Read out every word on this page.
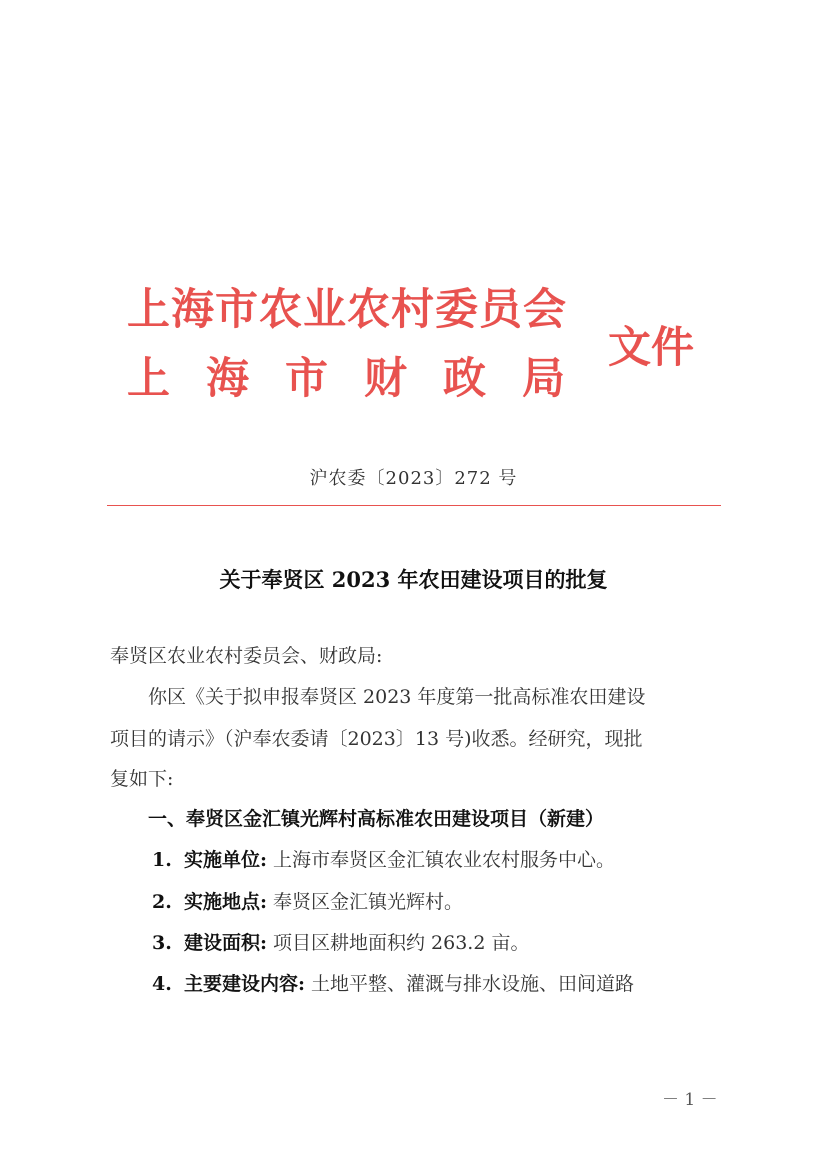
上海市农业农村委员会
上海市财政局
文件
沪农委〔2023〕272 号
关于奉贤区 2023 年农田建设项目的批复
奉贤区农业农村委员会、财政局:
你区《关于拟申报奉贤区 2023 年度第一批高标准农田建设
项目的请示》（沪奉农委请〔2023〕13 号)收悉。经研究，现批
复如下:
一、奉贤区金汇镇光辉村高标准农田建设项目（新建）
1. 实施单位: 上海市奉贤区金汇镇农业农村服务中心。
2. 实施地点: 奉贤区金汇镇光辉村。
3. 建设面积: 项目区耕地面积约 263.2 亩。
4. 主要建设内容: 土地平整、灌溉与排水设施、田间道路
－ 1 －
